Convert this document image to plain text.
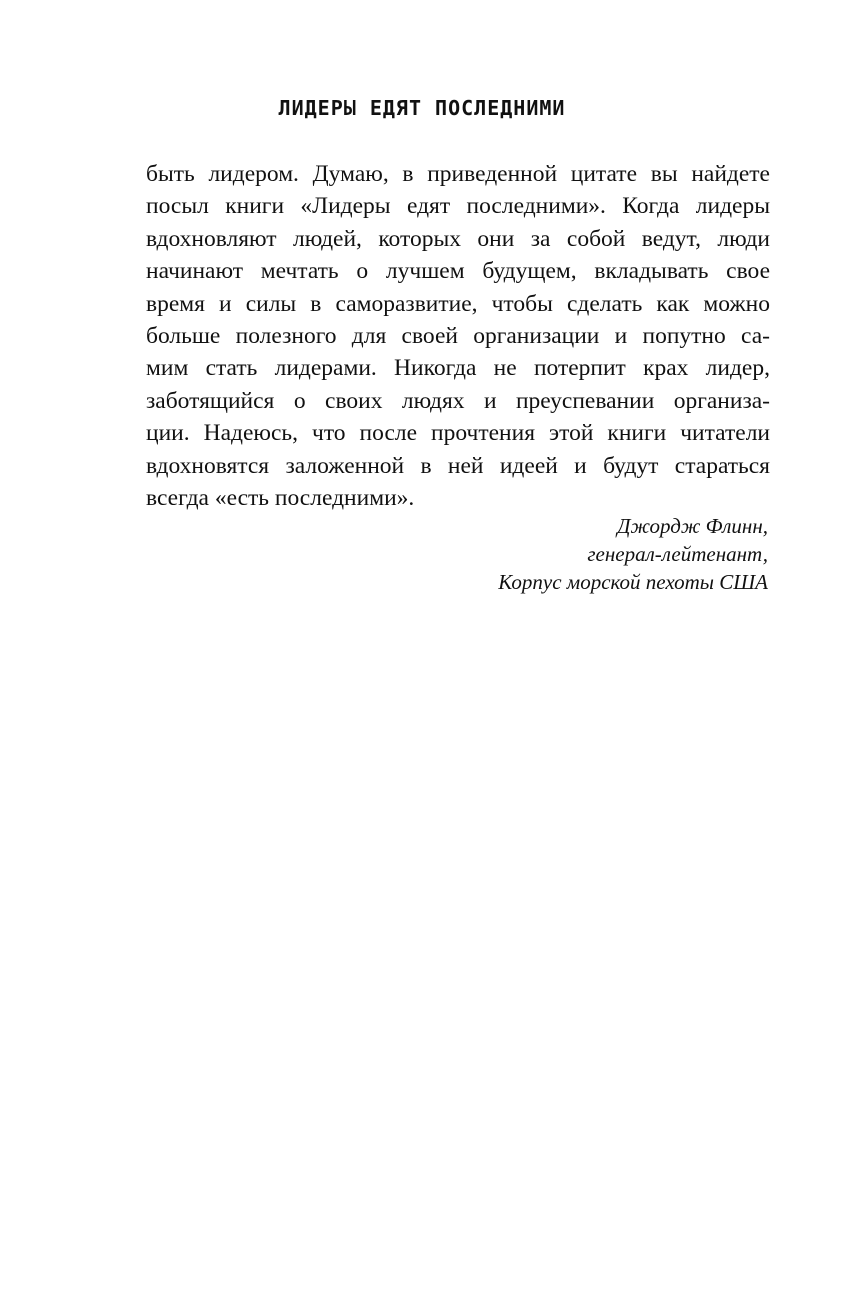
ЛИДЕРЫ ЕДЯТ ПОСЛЕДНИМИ
быть лидером. Думаю, в приведенной цитате вы найдете
посыл книги «Лидеры едят последними». Когда лидеры
вдохновляют людей, которых они за собой ведут, люди
начинают мечтать о лучшем будущем, вкладывать свое
время и силы в саморазвитие, чтобы сделать как можно
больше полезного для своей организации и попутно са-
мим стать лидерами. Никогда не потерпит крах лидер,
заботящийся о своих людях и преуспевании организа-
ции. Надеюсь, что после прочтения этой книги читатели
вдохновятся заложенной в ней идеей и будут стараться
всегда «есть последними».
Джордж Флинн,
генерал-лейтенант,
Корпус морской пехоты США
